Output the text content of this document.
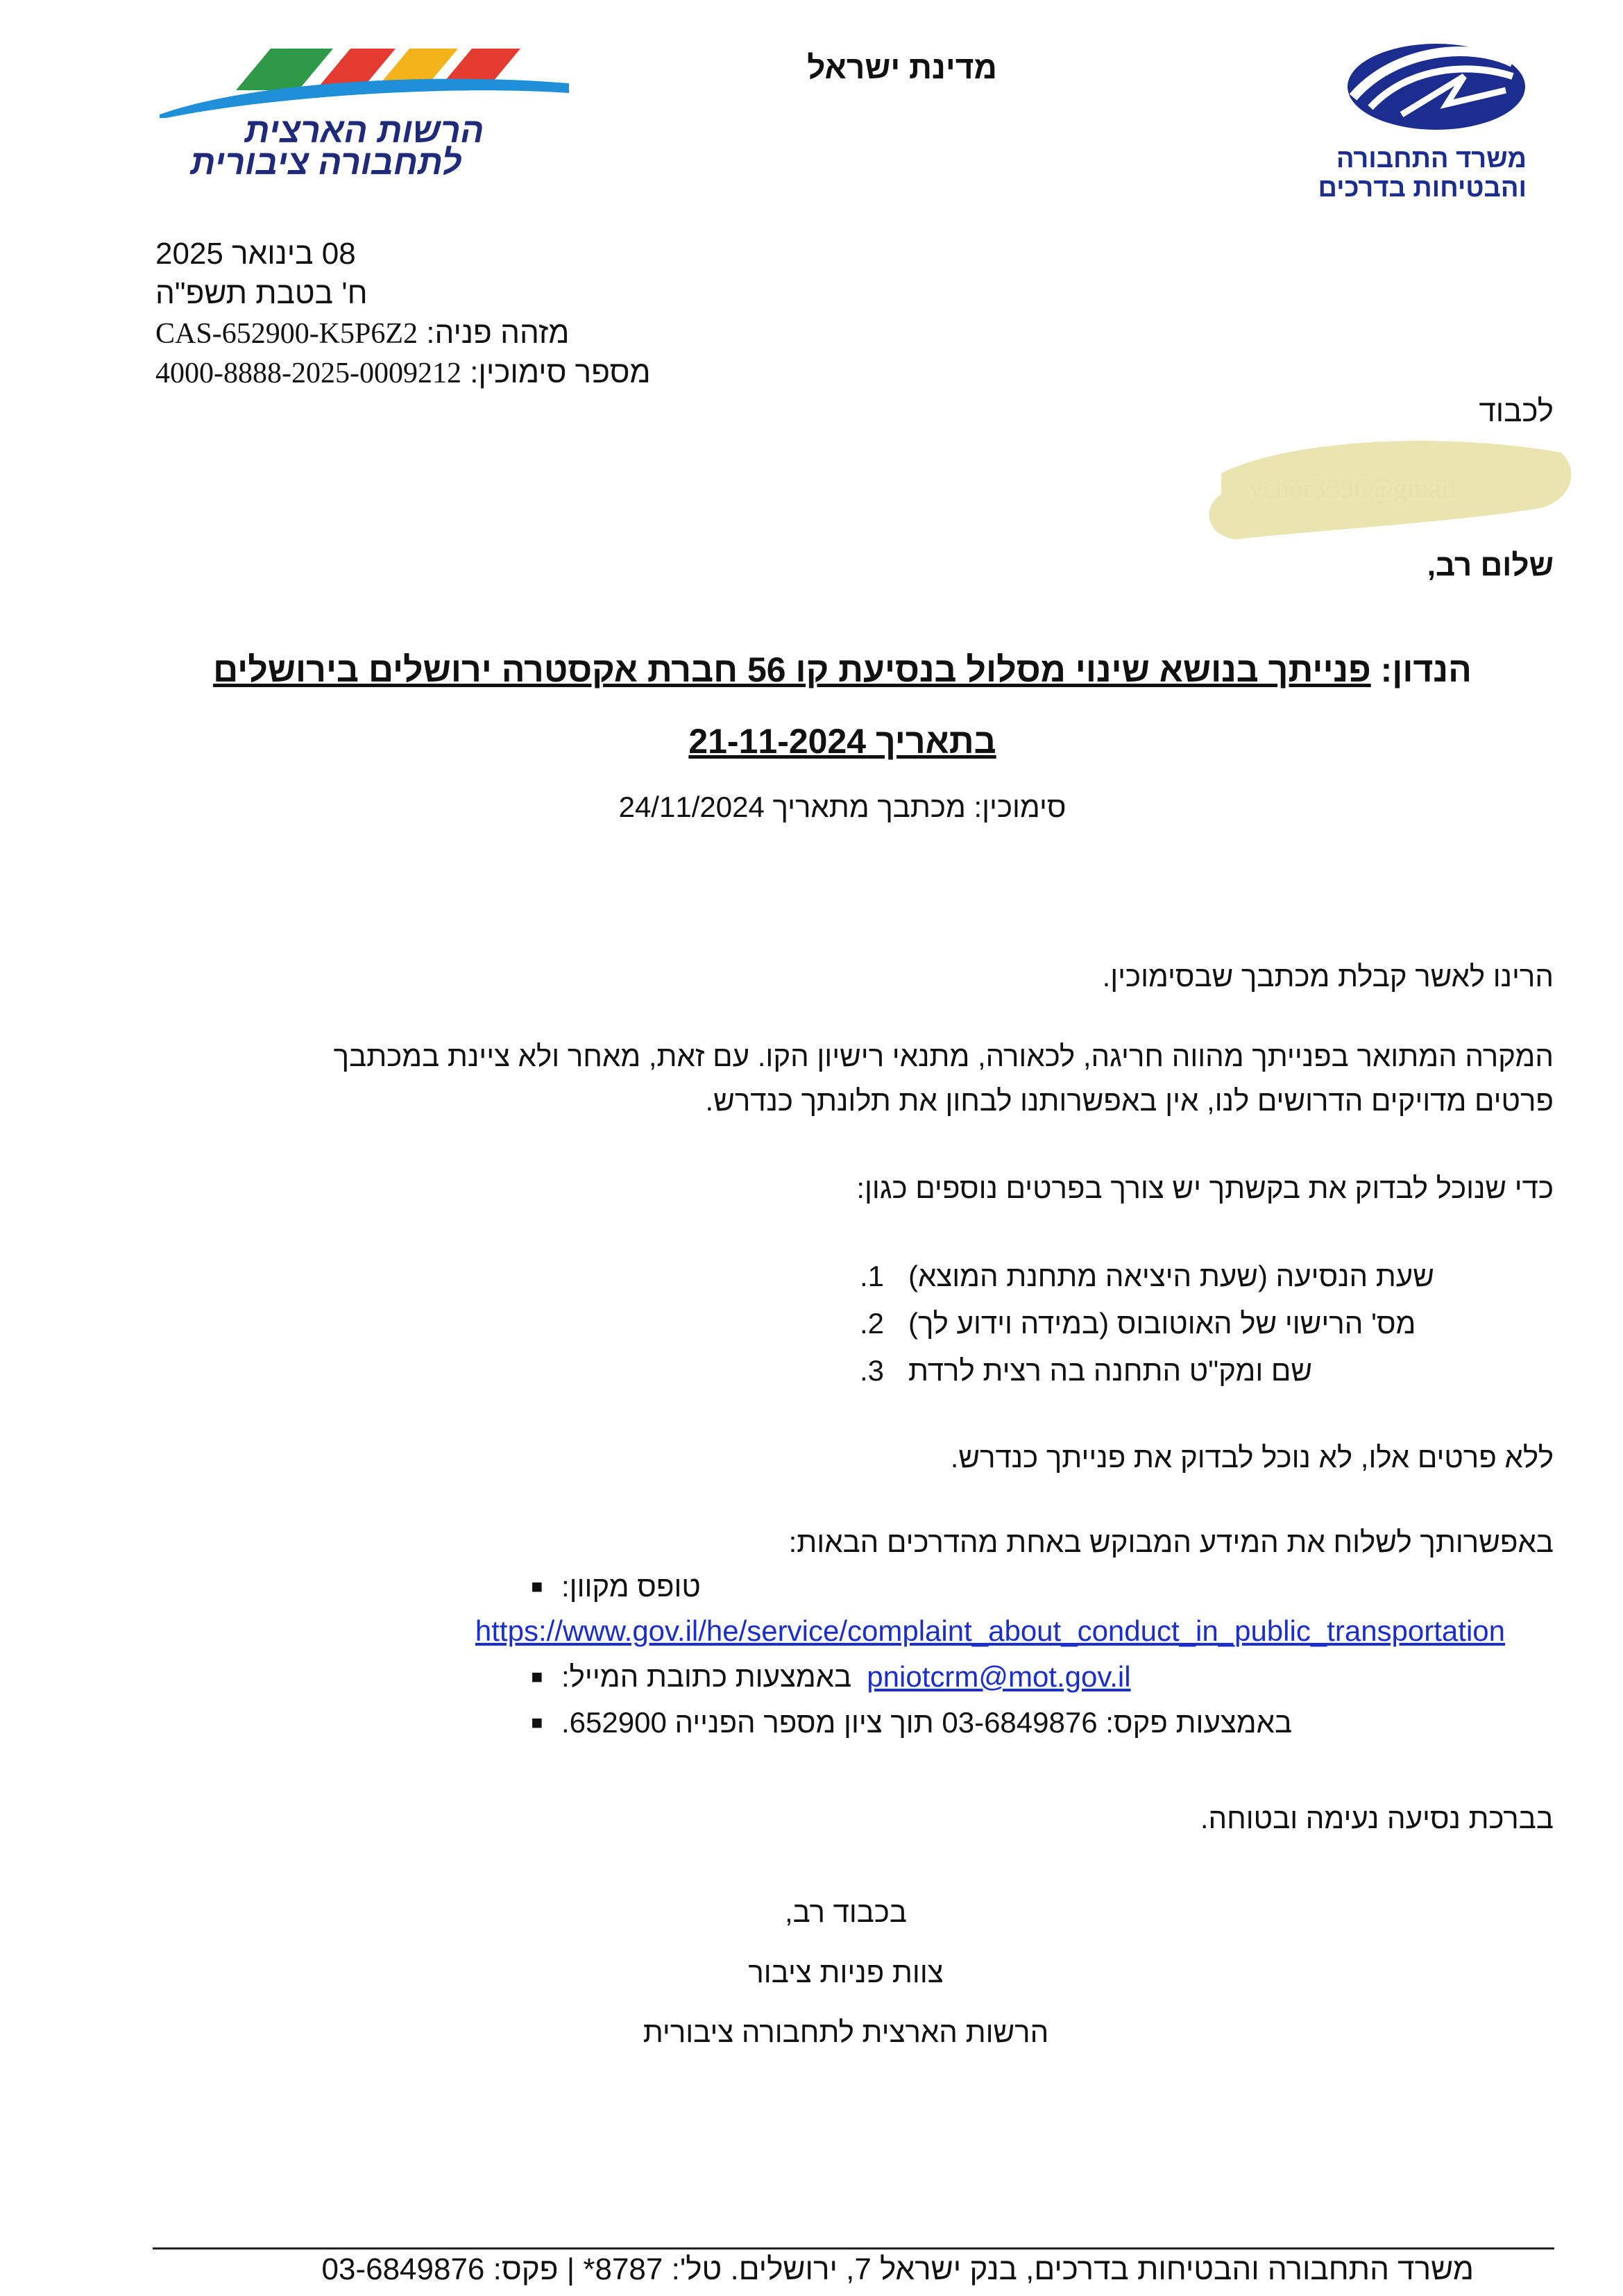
מדינת ישראל
משרד התחבורה
והבטיחות בדרכים
הרשות הארצית
לתחבורה ציבורית
08 בינואר 2025
ח' בטבת תשפ"ה
CAS-652900-K5P6Z2 מזהה פניה:
4000-8888-2025-0009212 מספר סימוכין:
לכבוד
שלום רב,
הנדון: פנייתך בנושא שינוי מסלול בנסיעת קו 56 חברת אקסטרה ירושלים בירושלים
בתאריך 21-11-2024
סימוכין: מכתבך מתאריך 24/11/2024
הרינו לאשר קבלת מכתבך שבסימוכין.
המקרה המתואר בפנייתך מהווה חריגה, לכאורה, מתנאי רישיון הקו. עם זאת, מאחר ולא ציינת במכתבך
פרטים מדויקים הדרושים לנו, אין באפשרותנו לבחון את תלונתך כנדרש.
כדי שנוכל לבדוק את בקשתך יש צורך בפרטים נוספים כגון:
1. שעת הנסיעה (שעת היציאה מתחנת המוצא)
2. מס' הרישוי של האוטובוס (במידה וידוע לך)
3. שם ומק"ט התחנה בה רצית לרדת
ללא פרטים אלו, לא נוכל לבדוק את פנייתך כנדרש.
באפשרותך לשלוח את המידע המבוקש באחת מהדרכים הבאות:
■ טופס מקוון:
https://www.gov.il/he/service/complaint_about_conduct_in_public_transportation
■ באמצעות כתובת המייל: pniotcrm@mot.gov.il
■ באמצעות פקס: 03-6849876 תוך ציון מספר הפנייה 652900.
בברכת נסיעה נעימה ובטוחה.
בכבוד רב,
צוות פניות ציבור
הרשות הארצית לתחבורה ציבורית
משרד התחבורה והבטיחות בדרכים, בנק ישראל 7, ירושלים. טל': 8787* | פקס: 03-6849876
